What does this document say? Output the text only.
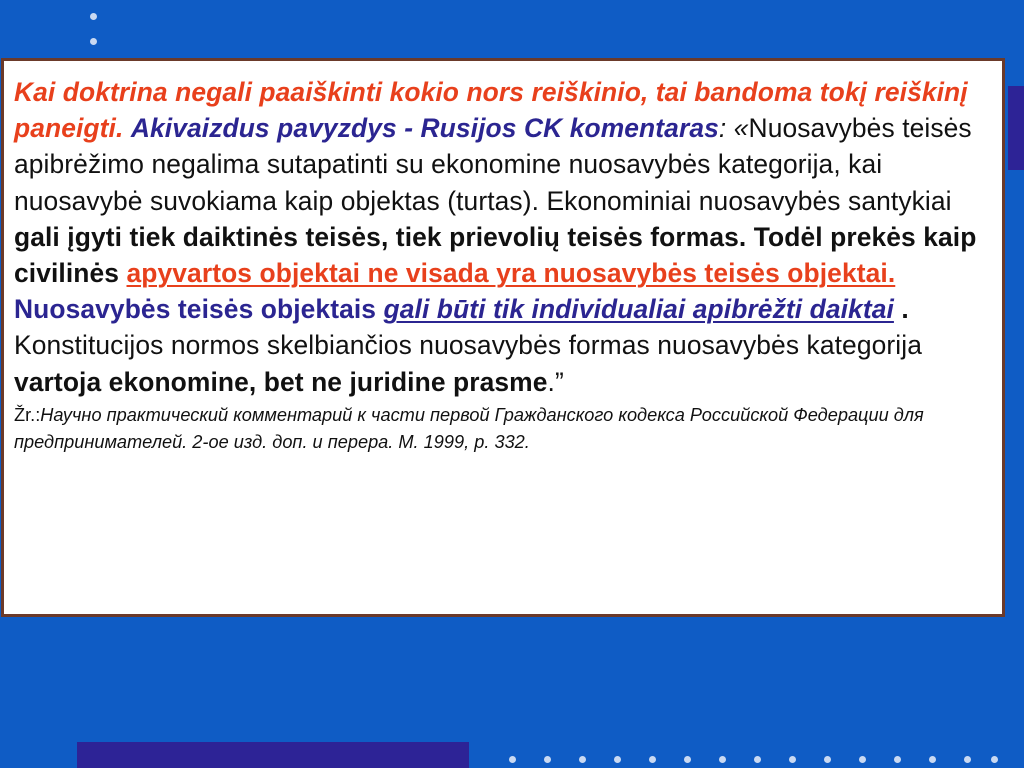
Kai doktrina negali paaiškinti kokio nors reiškinio, tai bandoma tokį reiškinį paneigti. Akivaizdus pavyzdys - Rusijos CK komentaras: «Nuosavybės teisės apibrėžimo negalima sutapatinti su ekonomine nuosavybės kategorija, kai nuosavybė suvokiama kaip objektas (turtas). Ekonominiai nuosavybės santykiai gali įgyti tiek daiktinės teisės, tiek prievolių teisės formas. Todėl prekės kaip civilinės apyvartos objektai ne visada yra nuosavybės teisės objektai. Nuosavybės teisės objektais gali būti tik individualiai apibrėžti daiktai . Konstitucijos normos skelbiančios nuosavybės formas nuosavybės kategorija vartoja ekonomine, bet ne juridine prasme.”

Žr.:Научно практический комментарий к части первой Гражданского кодекса Российской Федерации для предпринимателей. 2-ое изд. доп. и перера. М. 1999, р. 332.
